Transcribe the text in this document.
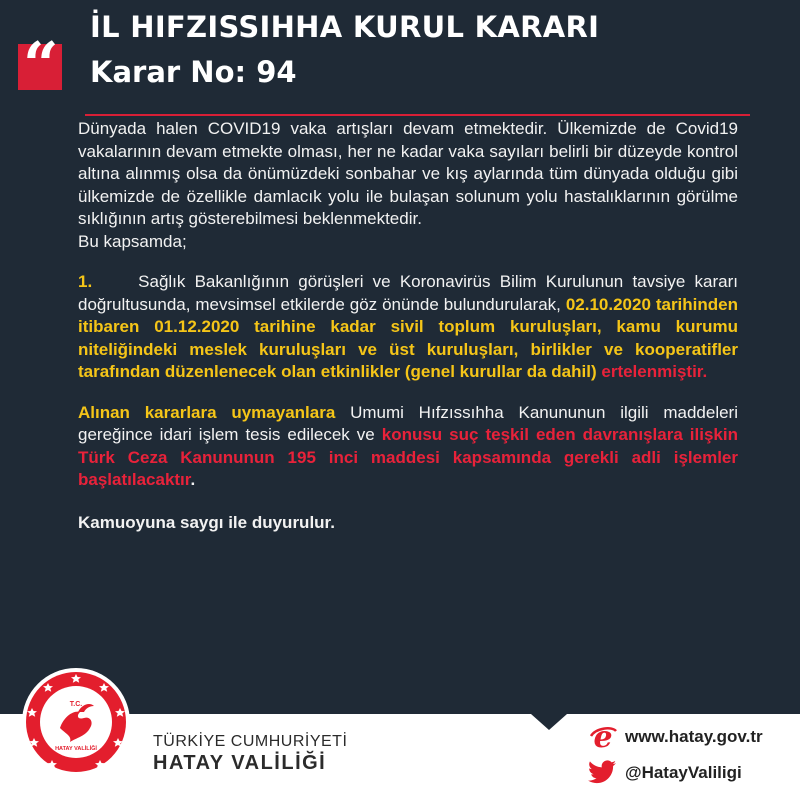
“
İL HIFZISSIHHA KURUL KARARI
Karar No: 94

Dünyada halen COVID19 vaka artışları devam etmektedir. Ülkemizde de Covid19 vakalarının devam etmekte olması, her ne kadar vaka sayıları belirli bir düzeyde kontrol altına alınmış olsa da önümüzdeki sonbahar ve kış aylarında tüm dünyada olduğu gibi ülkemizde de özellikle damlacık yolu ile bulaşan solunum yolu hastalıklarının görülme sıklığının artış gösterebilmesi beklenmektedir.

Bu kapsamda;

1.	Sağlık Bakanlığının görüşleri ve Koronavirüs Bilim Kurulunun tavsiye kararı doğrultusunda, mevsimsel etkilerde göz önünde bulundurularak, 02.10.2020 tarihinden itibaren 01.12.2020 tarihine kadar sivil toplum kuruluşları, kamu kurumu niteliğindeki meslek kuruluşları ve üst kuruluşları, birlikler ve kooperatifler tarafından düzenlenecek olan etkinlikler (genel kurullar da dahil) ertelenmiştir.

Alınan kararlara uymayanlara Umumi Hıfzıssıhha Kanununun ilgili maddeleri gereğince idari işlem tesis edilecek ve konusu suç teşkil eden davranışlara ilişkin Türk Ceza Kanununun 195 inci maddesi kapsamında gerekli adli işlemler başlatılacaktır.

Kamuoyuna saygı ile duyurulur.

T.C.
HATAY VALİLİĞİ	TÜRKİYE CUMHURİYETİ
HATAY VALİLİĞİ
e www.hatay.gov.tr
@HatayValiligi
